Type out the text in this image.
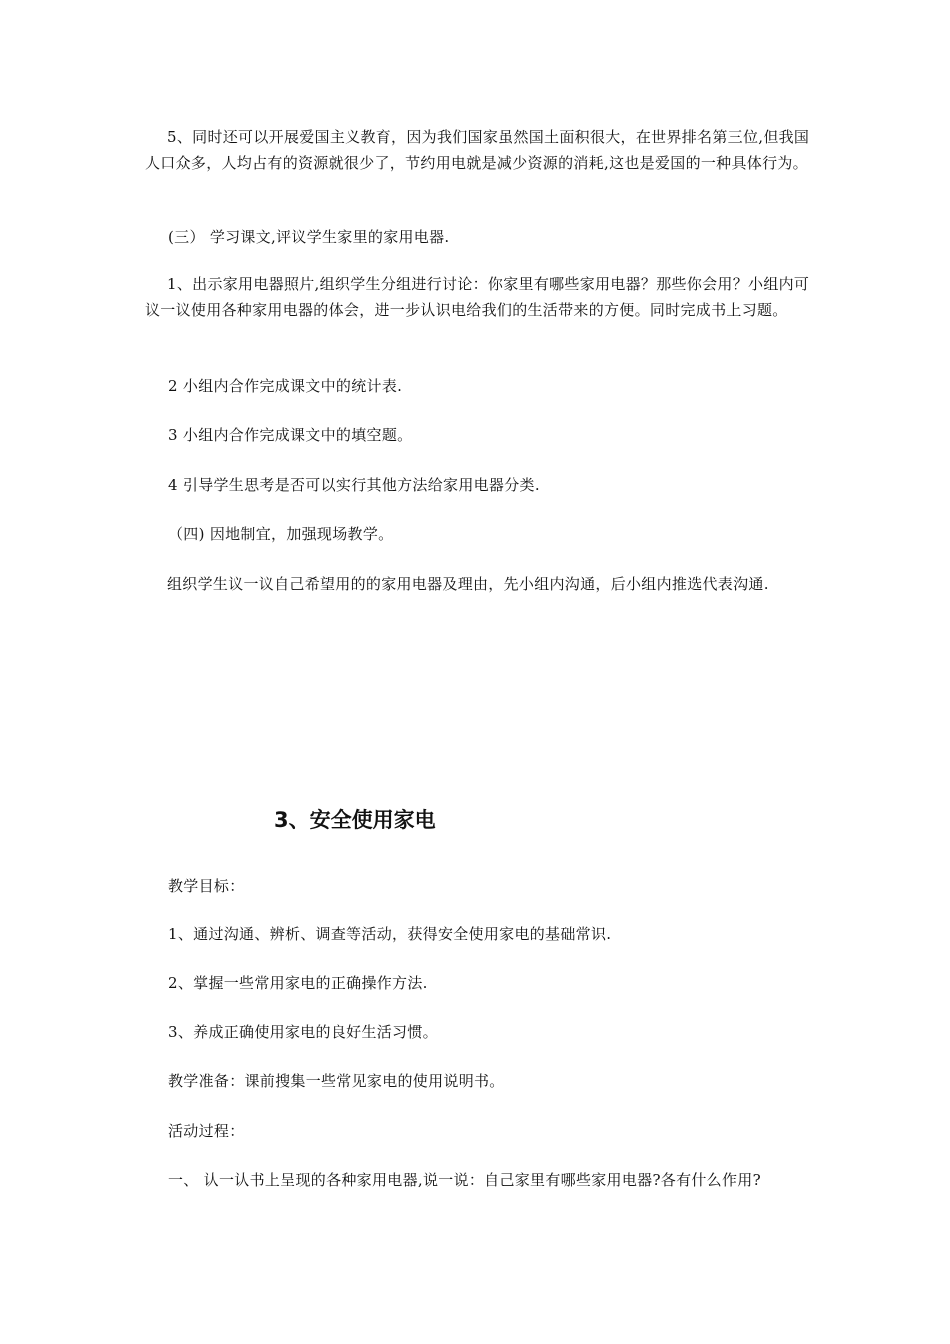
5、同时还可以开展爱国主义教育，因为我们国家虽然国土面积很大，在世界排名第三位,但我国人口众多，人均占有的资源就很少了，节约用电就是减少资源的消耗,这也是爱国的一种具体行为。

(三） 学习课文,评议学生家里的家用电器.

1、出示家用电器照片,组织学生分组进行讨论：你家里有哪些家用电器？那些你会用？小组内可议一议使用各种家用电器的体会，进一步认识电给我们的生活带来的方便。同时完成书上习题。

2 小组内合作完成课文中的统计表.

3 小组内合作完成课文中的填空题。

4 引导学生思考是否可以实行其他方法给家用电器分类.

（四) 因地制宜，加强现场教学。

组织学生议一议自己希望用的的家用电器及理由，先小组内沟通，后小组内推选代表沟通.

3、安全使用家电

教学目标：

1、通过沟通、辨析、调查等活动，获得安全使用家电的基础常识.

2、掌握一些常用家电的正确操作方法.

3、养成正确使用家电的良好生活习惯。

教学准备：课前搜集一些常见家电的使用说明书。

活动过程：

一、 认一认书上呈现的各种家用电器,说一说：自己家里有哪些家用电器?各有什么作用?
